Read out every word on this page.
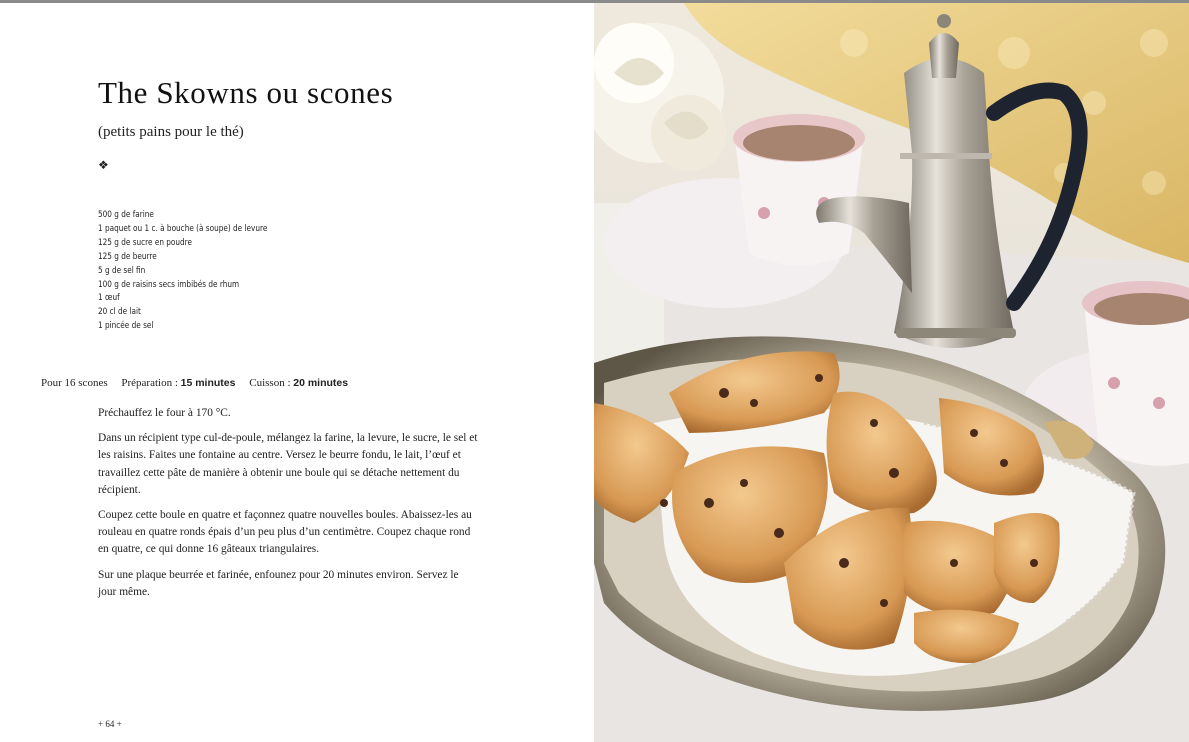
The Skowns ou scones

(petits pains pour le thé)

❖
500 g de farine
1 paquet ou 1 c. à bouche (à soupe) de levure
125 g de sucre en poudre
125 g de beurre
5 g de sel fin
100 g de raisins secs imbibés de rhum
1 œuf
20 cl de lait
1 pincée de sel
Pour 16 scones Préparation : 15 minutes Cuisson : 20 minutes

Préchauffez le four à 170 °C.

Dans un récipient type cul-de-poule, mélangez la farine, la levure, le sucre, le sel et les raisins. Faites une fontaine au centre. Versez le beurre fondu, le lait, l’œuf et travaillez cette pâte de manière à obtenir une boule qui se détache nettement du récipient.

Coupez cette boule en quatre et façonnez quatre nouvelles boules. Abaissez-les au rouleau en quatre ronds épais d’un peu plus d’un centimètre. Coupez chaque rond en quatre, ce qui donne 16 gâteaux triangulaires.

Sur une plaque beurrée et farinée, enfounez pour 20 minutes environ. Servez le jour même.

+ 64 +
